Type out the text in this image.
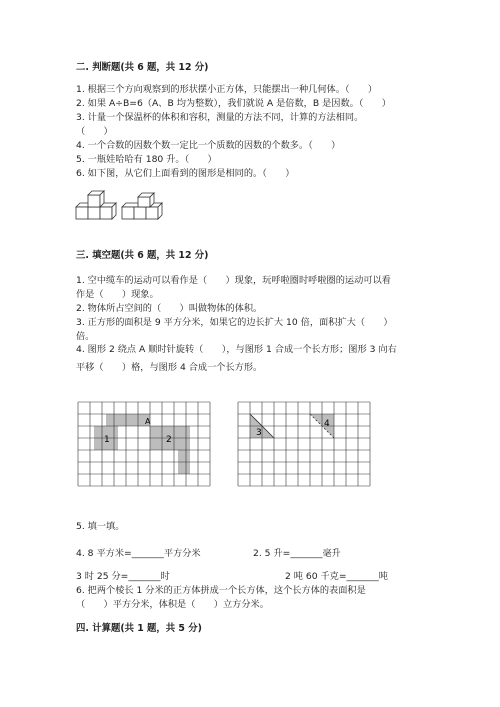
二. 判断题(共 6 题，共 12 分)
1. 根据三个方向观察到的形状摆小正方体，只能摆出一种几何体。（　　）
2. 如果 A÷B=6（A、B 均为整数），我们就说 A 是倍数，B 是因数。（　　）
3. 计量一个保温杯的体积和容积，测量的方法不同，计算的方法相同。
（　　）
4. 一个合数的因数个数一定比一个质数的因数的个数多。（　　）
5. 一瓶娃哈哈有 180 升。（　　）
6. 如下图，从它们上面看到的图形是相同的。（　　）
三. 填空题(共 6 题，共 12 分)
1. 空中缆车的运动可以看作是（　　）现象，玩呼啦圈时呼啦圈的运动可以看
作是（　　）现象。
2. 物体所占空间的（　　）叫做物体的体积。
3. 正方形的面积是 9 平方分米，如果它的边长扩大 10 倍，面积扩大（　　）
倍。
4. 图形 2 绕点 A 顺时针旋转（　　），与图形 1 合成一个长方形；图形 3 向右
平移（　　）格，与图形 4 合成一个长方形。
A
1	2
3
4
5. 填一填。
4. 8 平方米=_______平方分米	2. 5 升=_______毫升
3 时 25 分=_______时	2 吨 60 千克=_______吨
6. 把两个棱长 1 分米的正方体拼成一个长方体，这个长方体的表面积是
（　　）平方分米，体积是（　　）立方分米。
四. 计算题(共 1 题，共 5 分)
